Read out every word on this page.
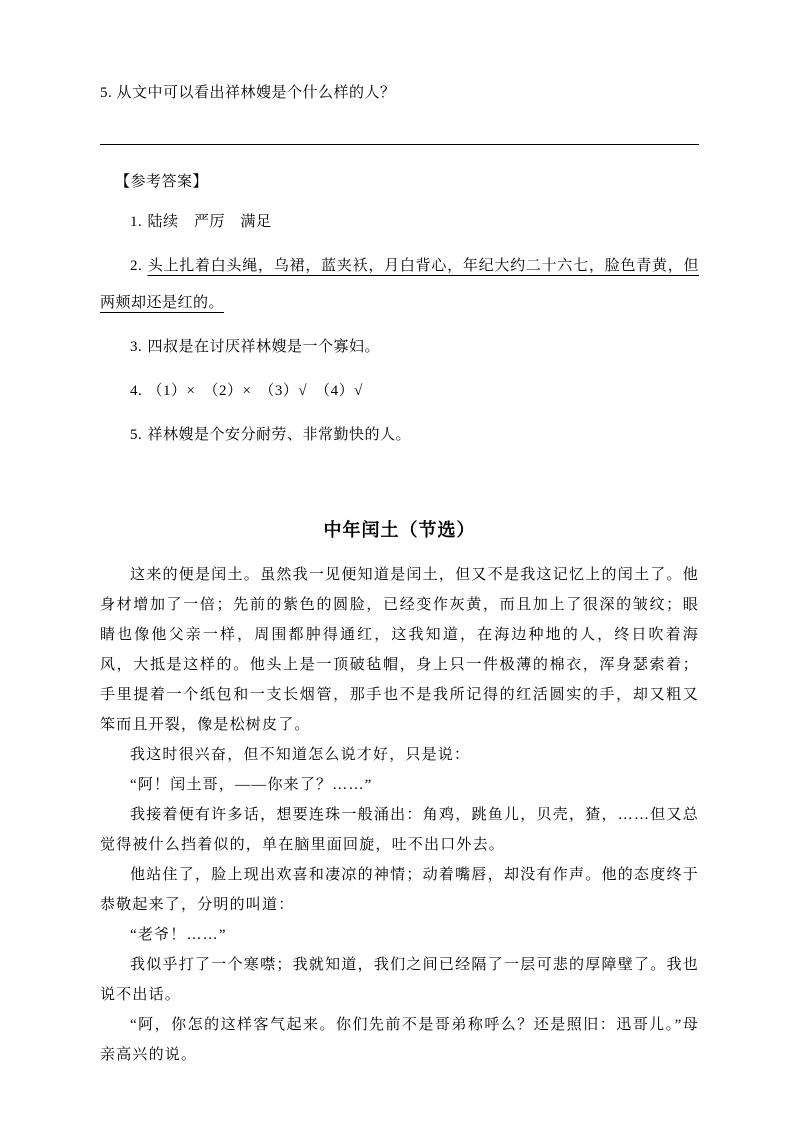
5. 从文中可以看出祥林嫂是个什么样的人？
【参考答案】
1. 陆续　严厉　满足
2. 头上扎着白头绳，乌裙，蓝夹袄，月白背心，年纪大约二十六七，脸色青黄，但两颊却还是红的。
3. 四叔是在讨厌祥林嫂是一个寡妇。
4. （1）×　（2）×　（3）√　（4）√
5. 祥林嫂是个安分耐劳、非常勤快的人。
中年闰土（节选）

这来的便是闰土。虽然我一见便知道是闰土，但又不是我这记忆上的闰土了。他身材增加了一倍；先前的紫色的圆脸，已经变作灰黄，而且加上了很深的皱纹；眼睛也像他父亲一样，周围都肿得通红，这我知道，在海边种地的人，终日吹着海风，大抵是这样的。他头上是一顶破毡帽，身上只一件极薄的棉衣，浑身瑟索着；手里提着一个纸包和一支长烟管，那手也不是我所记得的红活圆实的手，却又粗又笨而且开裂，像是松树皮了。

我这时很兴奋，但不知道怎么说才好，只是说：

“阿！闰土哥，——你来了？……”

我接着便有许多话，想要连珠一般涌出：角鸡，跳鱼儿，贝壳，猹，……但又总觉得被什么挡着似的，单在脑里面回旋，吐不出口外去。

他站住了，脸上现出欢喜和凄凉的神情；动着嘴唇，却没有作声。他的态度终于恭敬起来了，分明的叫道：

“老爷！……”

我似乎打了一个寒噤；我就知道，我们之间已经隔了一层可悲的厚障壁了。我也说不出话。

“阿，你怎的这样客气起来。你们先前不是哥弟称呼么？还是照旧：迅哥儿。”母亲高兴的说。
